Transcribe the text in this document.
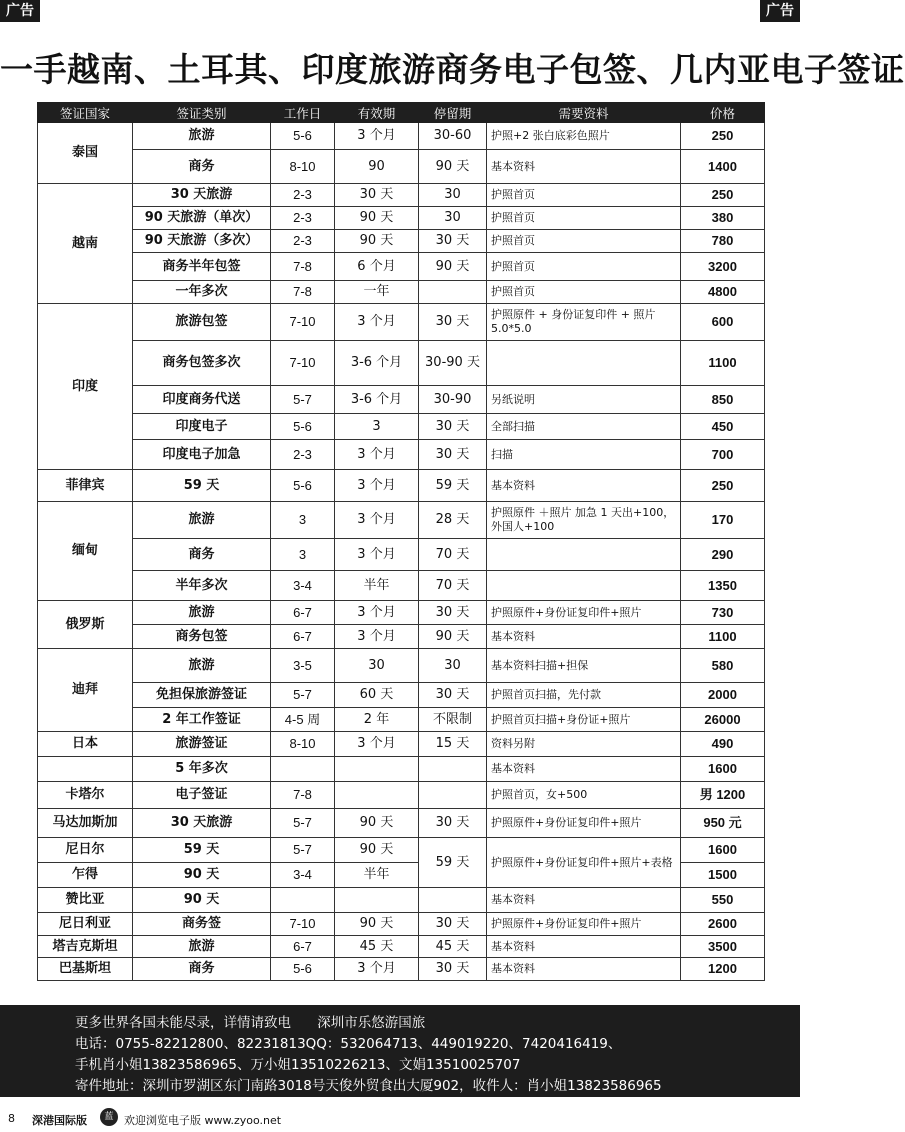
广告	广告
一手越南、土耳其、印度旅游商务电子包签、几内亚电子签证
签证国家	签证类别	工作日	有效期	停留期	需要资料	价格
泰国	旅游	5-6	3 个月	30-60	护照+2 张白底彩色照片	250
	商务	8-10	90	90 天	基本资料	1400
越南	30 天旅游	2-3	30 天	30	护照首页	250
	90 天旅游（单次）	2-3	90 天	30	护照首页	380
	90 天旅游（多次）	2-3	90 天	30 天	护照首页	780
	商务半年包签	7-8	6 个月	90 天	护照首页	3200
	一年多次	7-8	一年		护照首页	4800
印度	旅游包签	7-10	3 个月	30 天	护照原件 + 身份证复印件 + 照片 5.0*5.0	600
	商务包签多次	7-10	3-6 个月	30-90 天		1100
	印度商务代送	5-7	3-6 个月	30-90	另纸说明	850
	印度电子	5-6	3	30 天	全部扫描	450
	印度电子加急	2-3	3 个月	30 天	扫描	700
菲律宾	59 天	5-6	3 个月	59 天	基本资料	250
缅甸	旅游	3	3 个月	28 天	护照原件 ＋照片 加急 1 天出+100，外国人+100	170
	商务	3	3 个月	70 天		290
	半年多次	3-4	半年	70 天		1350
俄罗斯	旅游	6-7	3 个月	30 天	护照原件+身份证复印件+照片	730
	商务包签	6-7	3 个月	90 天	基本资料	1100
迪拜	旅游	3-5	30	30	基本资料扫描+担保	580
	免担保旅游签证	5-7	60 天	30 天	护照首页扫描，先付款	2000
	2 年工作签证	4-5 周	2 年	不限制	护照首页扫描+身份证+照片	26000
日本	旅游签证	8-10	3 个月	15 天	资料另附	490
	5 年多次				基本资料	1600
卡塔尔	电子签证	7-8			护照首页，女+500	男 1200
马达加斯加	30 天旅游	5-7	90 天	30 天	护照原件+身份证复印件+照片	950 元
尼日尔	59 天	5-7	90 天	59 天	护照原件+身份证复印件+照片+表格	1600
乍得	90 天	3-4	半年			1500
赞比亚	90 天				基本资料	550
尼日利亚	商务签	7-10	90 天	30 天	护照原件+身份证复印件+照片	2600
塔吉克斯坦	旅游	6-7	45 天	45 天	基本资料	3500
巴基斯坦	商务	5-6	3 个月	30 天	基本资料	1200
更多世界各国未能尽录，详情请致电 深圳市乐悠游国旅
电话：0755-82212800、82231813QQ：532064713、449019220、7420416419、
手机肖小姐13823586965、万小姐13510226213、文娟13510025707
寄件地址：深圳市罗湖区东门南路3018号天俊外贸食出大厦902，收件人：肖小姐13823586965
8 深港国际版	蓝 欢迎浏览电子版 www.zyoo.net
